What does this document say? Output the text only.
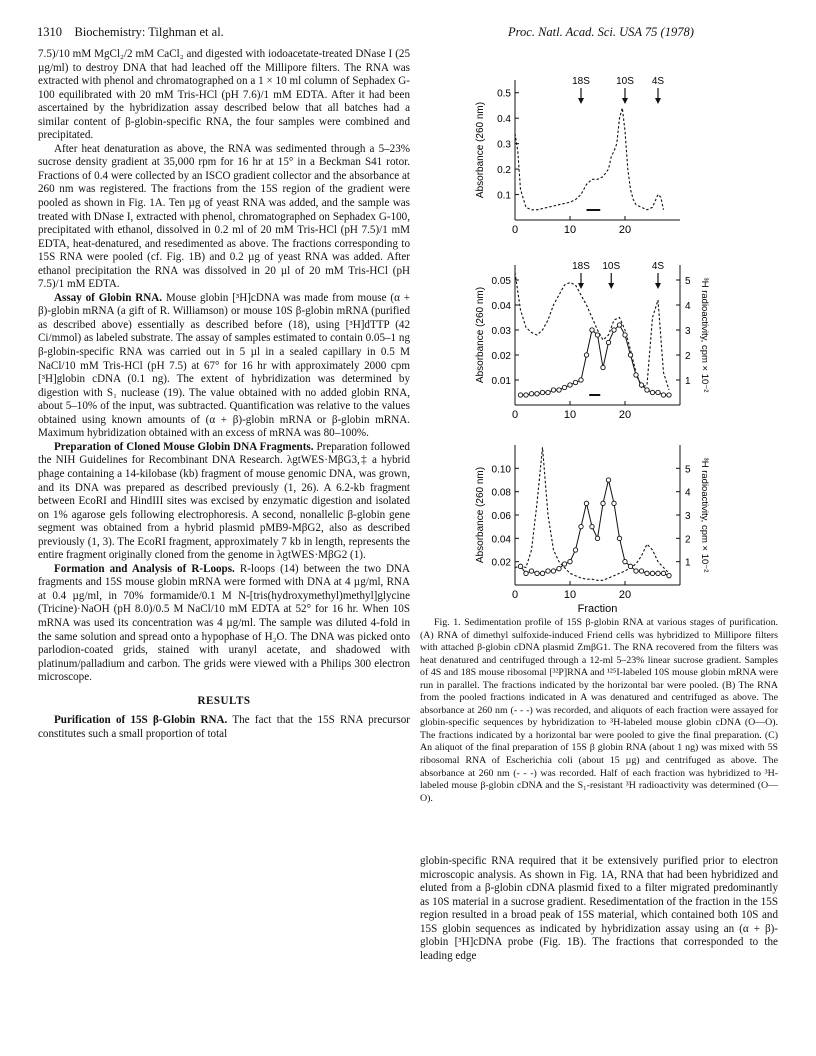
1310 Biochemistry: Tilghman et al.	Proc. Natl. Acad. Sci. USA 75 (1978)

7.5)/10 mM MgCl₂/2 mM CaCl₂ and digested with iodoacetate-treated DNase I (25 µg/ml) to destroy DNA that had leached off the Millipore filters. The RNA was extracted with phenol and chromatographed on a 1 × 10 ml column of Sephadex G-100 equilibrated with 20 mM Tris-HCl (pH 7.6)/1 mM EDTA. After it had been ascertained by the hybridization assay described below that all batches had a similar content of β-globin-specific RNA, the four samples were combined and precipitated.

After heat denaturation as above, the RNA was sedimented through a 5–23% sucrose density gradient at 35,000 rpm for 16 hr at 15° in a Beckman S41 rotor. Fractions of 0.4 were collected by an ISCO gradient collector and the absorbance at 260 nm was registered. The fractions from the 15S region of the gradient were pooled as shown in Fig. 1A. Ten µg of yeast RNA was added, and the sample was treated with DNase I, extracted with phenol, chromatographed on Sephadex G-100, precipitated with ethanol, dissolved in 0.2 ml of 20 mM Tris-HCl (pH 7.5)/1 mM EDTA, heat-denatured, and resedimented as above. The fractions corresponding to 15S RNA were pooled (cf. Fig. 1B) and 0.2 µg of yeast RNA was added. After ethanol precipitation the RNA was dissolved in 20 µl of 20 mM Tris-HCl (pH 7.5)/1 mM EDTA.

Assay of Globin RNA. Mouse globin [³H]cDNA was made from mouse (α + β)-globin mRNA (a gift of R. Williamson) or mouse 10S β-globin mRNA (purified as described above) essentially as described before (18), using [³H]dTTP (42 Ci/mmol) as labeled substrate. The assay of samples estimated to contain 0.05–1 ng β-globin-specific RNA was carried out in 5 µl in a sealed capillary in 0.5 M NaCl/10 mM Tris-HCl (pH 7.5) at 67° for 16 hr with approximately 2000 cpm [³H]globin cDNA (0.1 ng). The extent of hybridization was determined by digestion with S₁ nuclease (19). The value obtained with no added globin RNA, about 5–10% of the input, was subtracted. Quantification was relative to the values obtained using known amounts of (α + β)-globin mRNA or β-globin mRNA. Maximum hybridization obtained with an excess of mRNA was 80–100%.

Preparation of Cloned Mouse Globin DNA Fragments. Preparation followed the NIH Guidelines for Recombinant DNA Research. λgtWES·MβG3,‡ a hybrid phage containing a 14-kilobase (kb) fragment of mouse genomic DNA, was grown, and its DNA was prepared as described previously (1, 26). A 6.2-kb fragment between EcoRI and HindIII sites was excised by enzymatic digestion and isolated on 1% agarose gels following electrophoresis. A second, nonallelic β-globin gene segment was obtained from a hybrid plasmid pMB9-MβG2, also as described previously (1, 3). The EcoRI fragment, approximately 7 kb in length, represents the entire fragment originally cloned from the genome in λgtWES·MβG2 (1).

Formation and Analysis of R-Loops. R-loops (14) between the two DNA fragments and 15S mouse globin mRNA were formed with DNA at 4 µg/ml, RNA at 0.4 µg/ml, in 70% formamide/0.1 M N-[tris(hydroxymethyl)methyl]glycine (Tricine)·NaOH (pH 8.0)/0.5 M NaCl/10 mM EDTA at 52° for 16 hr. When 10S mRNA was used its concentration was 4 µg/ml. The sample was diluted 4-fold in the same solution and spread onto a hypophase of H₂O. The DNA was picked onto parlodion-coated grids, stained with uranyl acetate, and shadowed with platinum/palladium and carbon. The grids were viewed with a Philips 300 electron microscope.

RESULTS

Purification of 15S β-Globin RNA. The fact that the 15S RNA precursor constitutes such a small proportion of total

0	10	20
0.1
0.2
0.3
0.4
0.5
Absorbance (260 nm)
18S	10S 4S
0	10	20
0.01
0.02
0.03
0.04
0.05
1
2
3
4
5
Absorbance (260 nm)	³H radioactivity, cpm × 10⁻²
18S 10S	4S
0	10	20
0.02
0.04
0.06
0.08
0.10
1
2
3
4
5
Absorbance (260 nm)	³H radioactivity, cpm × 10⁻²
Fraction

Fig. 1. Sedimentation profile of 15S β-globin RNA at various stages of purification. (A) RNA of dimethyl sulfoxide-induced Friend cells was hybridized to Millipore filters with attached β-globin cDNA plasmid ZmβG1. The RNA recovered from the filters was heat denatured and centrifuged through a 12-ml 5–23% linear sucrose gradient. Samples of 4S and 18S mouse ribosomal [³²P]RNA and ¹²⁵I-labeled 10S mouse globin mRNA were run in parallel. The fractions indicated by the horizontal bar were pooled. (B) The RNA from the pooled fractions indicated in A was denatured and centrifuged as above. The absorbance at 260 nm (- - -) was recorded, and aliquots of each fraction were assayed for globin-specific sequences by hybridization to ³H-labeled mouse globin cDNA (O—O). The fractions indicated by a horizontal bar were pooled to give the final preparation. (C) An aliquot of the final preparation of 15S β globin RNA (about 1 ng) was mixed with 5S ribosomal RNA of Escherichia coli (about 15 µg) and centrifuged as above. The absorbance at 260 nm (- - -) was recorded. Half of each fraction was hybridized to ³H-labeled mouse β-globin cDNA and the S₁-resistant ³H radioactivity was determined (O—O).

globin-specific RNA required that it be extensively purified prior to electron microscopic analysis. As shown in Fig. 1A, RNA that had been hybridized and eluted from a β-globin cDNA plasmid fixed to a filter migrated predominantly as 10S material in a sucrose gradient. Resedimentation of the fraction in the 15S region resulted in a broad peak of 15S material, which contained both 10S and 15S globin sequences as indicated by hybridization assay using an (α + β)-globin [³H]cDNA probe (Fig. 1B). The fractions that corresponded to the leading edge
